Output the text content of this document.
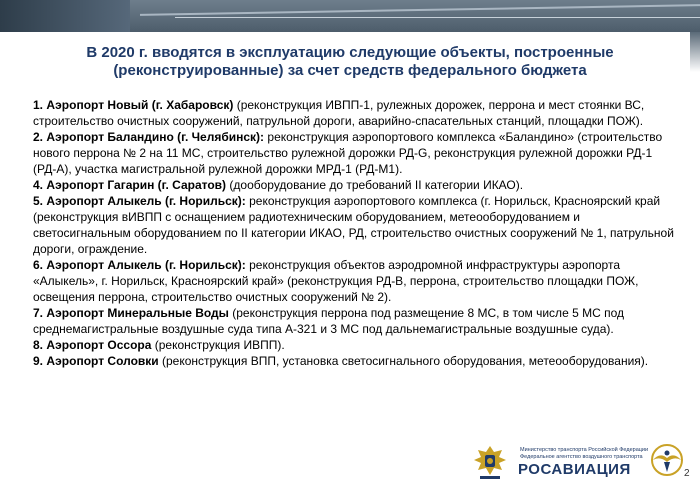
В 2020 г. вводятся в эксплуатацию следующие объекты, построенные
(реконструированные) за счет средств федерального бюджета

1. Аэропорт Новый (г. Хабаровск) (реконструкция ИВПП-1, рулежных дорожек, перрона и мест стоянки ВС, строительство очистных сооружений, патрульной дороги, аварийно-спасательных станций, площадки ПОЖ).

2. Аэропорт Баландино (г. Челябинск): реконструкция аэропортового комплекса «Баландино» (строительство нового перрона № 2 на 11 МС, строительство рулежной дорожки РД-G, реконструкция рулежной дорожки РД-1 (РД-А), участка магистральной рулежной дорожки МРД-1 (РД-М1).

4. Аэропорт Гагарин (г. Саратов) (дооборудование до требований II категории ИКАО).

5. Аэропорт Алыкель (г. Норильск): реконструкция аэропортового комплекса (г. Норильск, Красноярский край (реконструкция вИВПП с оснащением радиотехническим оборудованием, метеооборудованием и светосигнальным оборудованием по II категории ИКАО, РД, строительство очистных сооружений № 1, патрульной дороги, ограждение.

6. Аэропорт Алыкель (г. Норильск): реконструкция объектов аэродромной инфраструктуры аэропорта «Алыкель», г. Норильск, Красноярский край» (реконструкция РД-В, перрона, строительство площадки ПОЖ, освещения перрона, строительство очистных сооружений № 2).

7. Аэропорт Минеральные Воды (реконструкция перрона под размещение 8 МС, в том числе 5 МС под среднемагистральные воздушные суда типа А-321 и 3 МС под дальнемагистральные воздушные суда).

8. Аэропорт Оссора (реконструкция ИВПП).

9. Аэропорт Соловки (реконструкция ВПП, установка светосигнального оборудования, метеооборудования).

Министерство транспорта Российской Федерации
Федеральное агентство воздушного транспорта
РОСАВИАЦИЯ	2
